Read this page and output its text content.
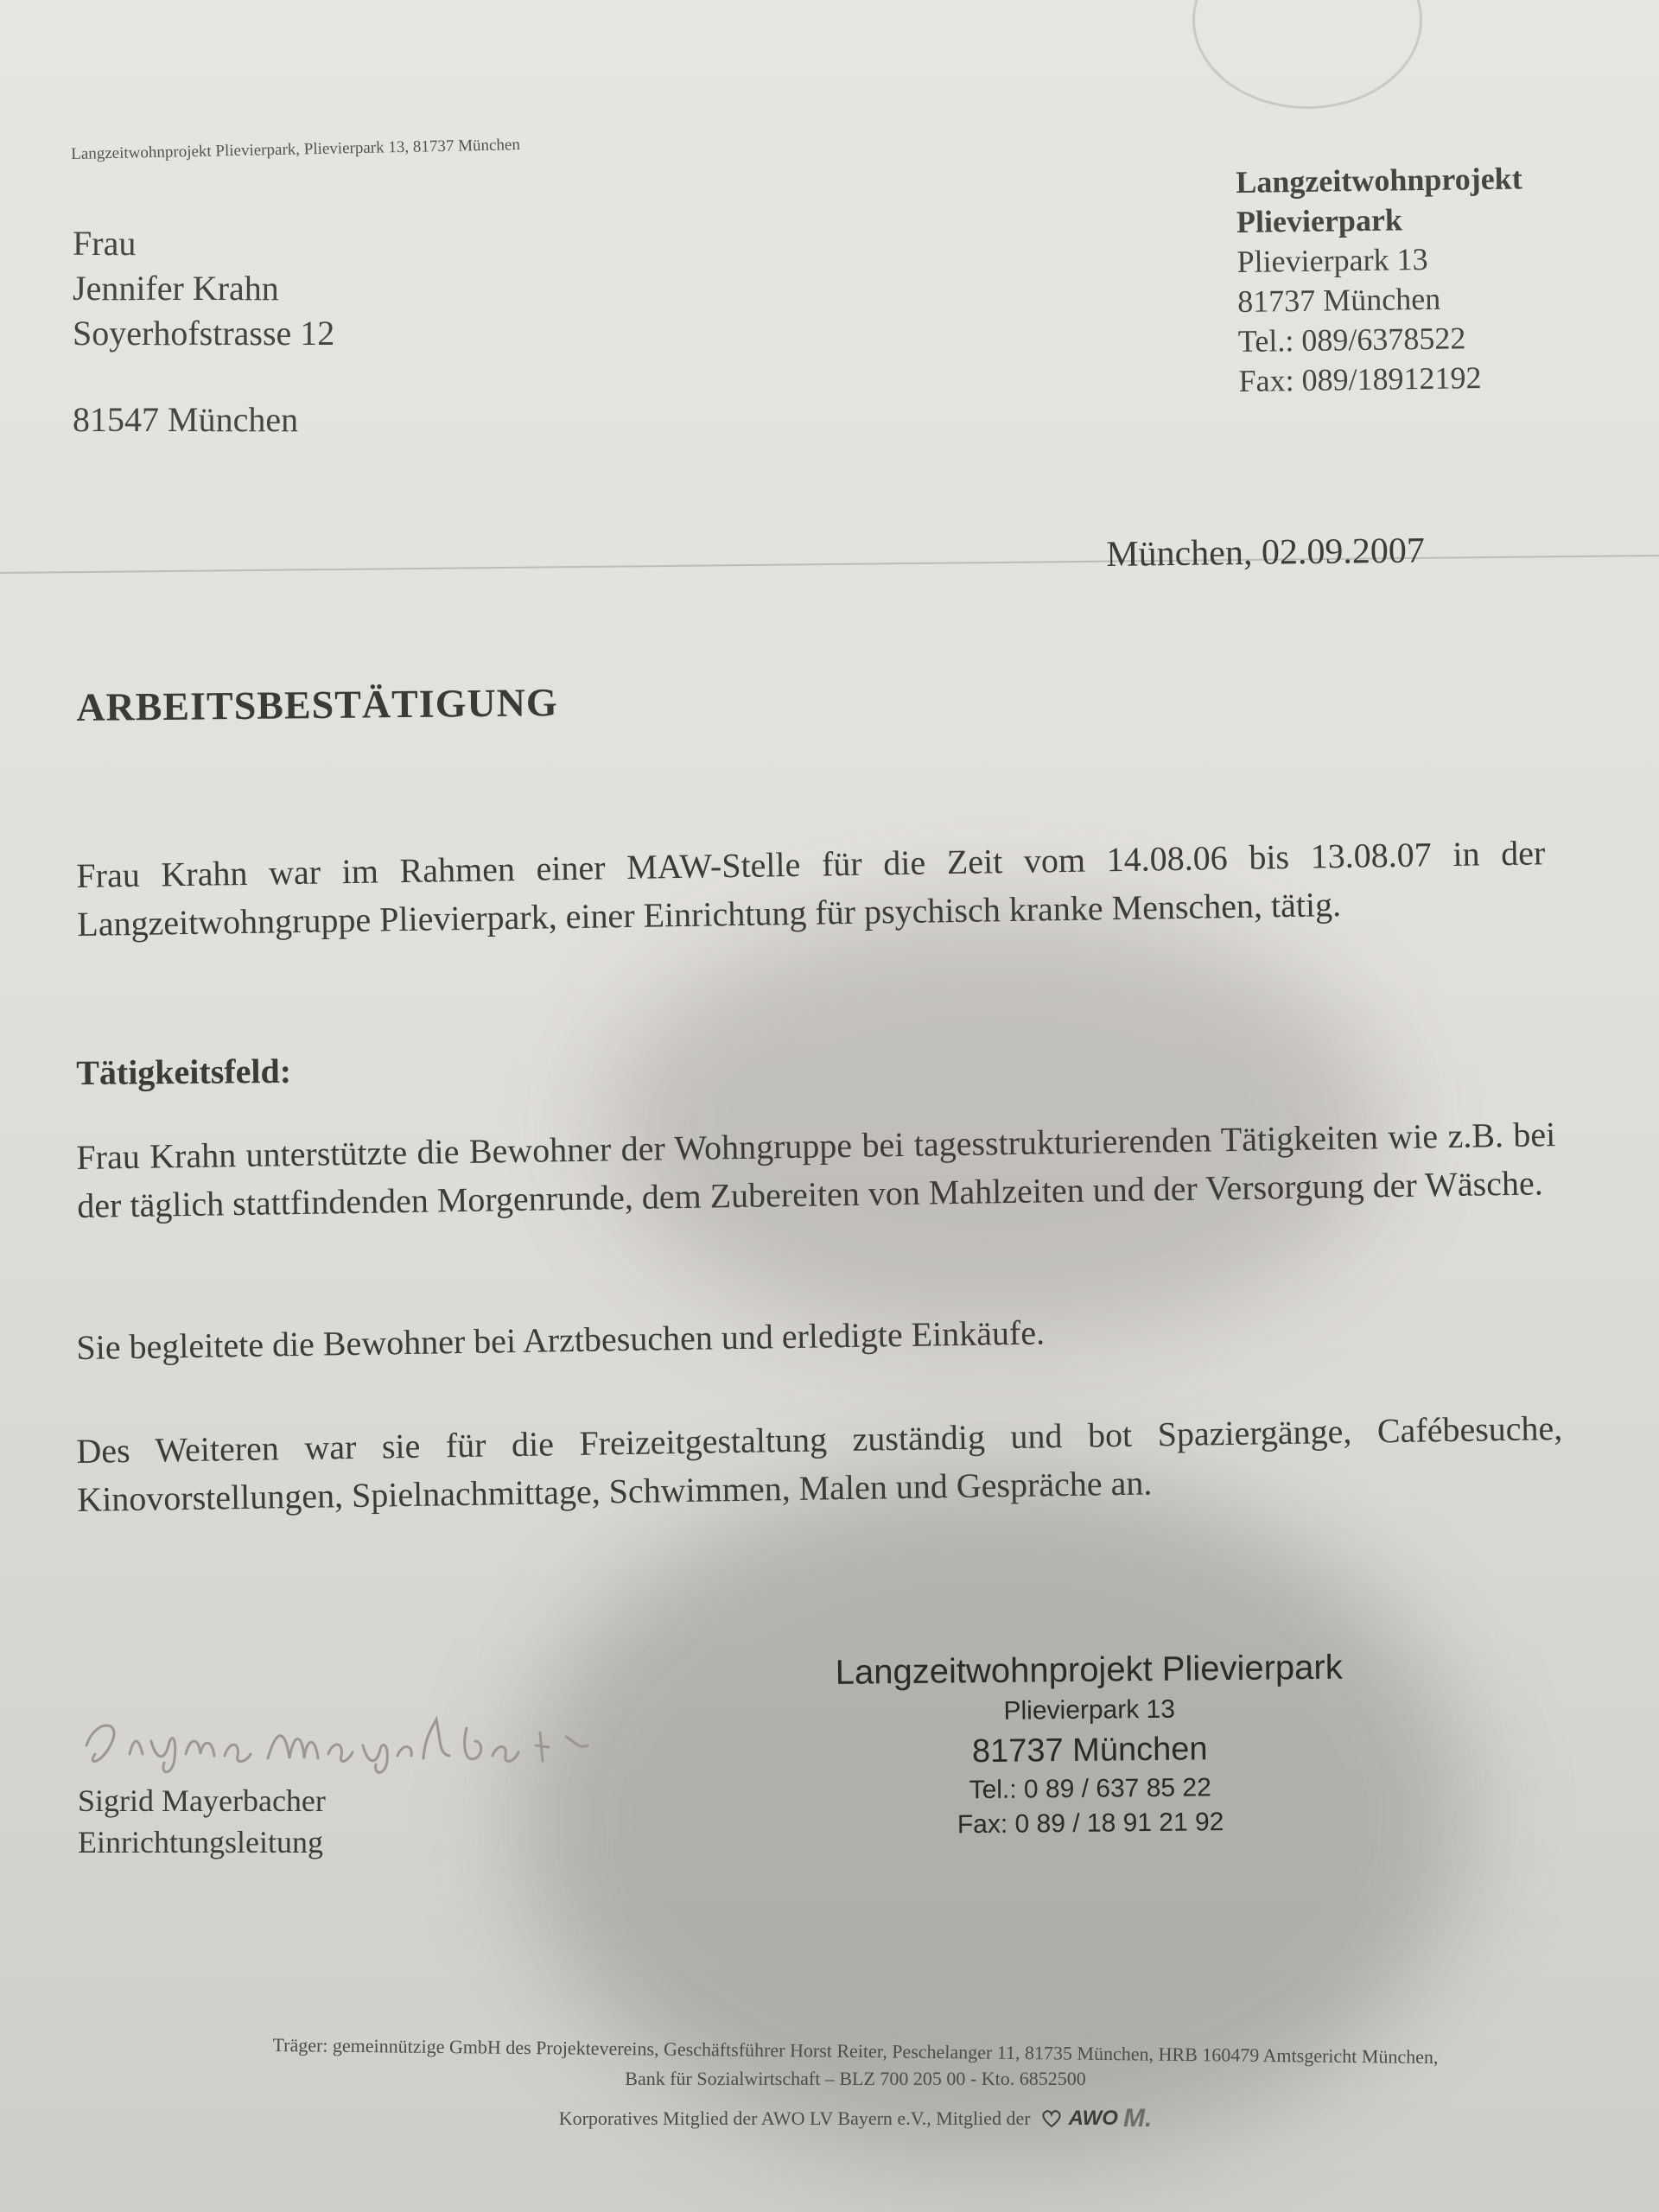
Langzeitwohnprojekt Plievierpark, Plievierpark 13, 81737 München
Frau
Jennifer Krahn
Soyerhofstrasse 12
81547 München
Langzeitwohnprojekt
Plievierpark
Plievierpark 13
81737 München
Tel.: 089/6378522
Fax: 089/18912192
München, 02.09.2007
ARBEITSBESTÄTIGUNG
Frau Krahn war im Rahmen einer MAW-Stelle für die Zeit vom 14.08.06 bis 13.08.07 in der Langzeitwohngruppe Plievierpark, einer Einrichtung für psychisch kranke Menschen, tätig.
Tätigkeitsfeld:
Frau Krahn unterstützte die Bewohner der Wohngruppe bei tagesstrukturierenden Tätigkeiten wie z.B. bei der täglich stattfindenden Morgenrunde, dem Zubereiten von Mahlzeiten und der Versorgung der Wäsche.
Sie begleitete die Bewohner bei Arztbesuchen und erledigte Einkäufe.
Des Weiteren war sie für die Freizeitgestaltung zuständig und bot Spaziergänge, Cafébesuche, Kinovorstellungen, Spielnachmittage, Schwimmen, Malen und Gespräche an.
Sigrid Mayerbacher
Einrichtungsleitung
Langzeitwohnprojekt Plievierpark
Plievierpark 13
81737 München
Tel.: 0 89 / 637 85 22
Fax: 0 89 / 18 91 21 92
Träger: gemeinnützige GmbH des Projektevereins, Geschäftsführer Horst Reiter, Peschelanger 11, 81735 München, HRB 160479 Amtsgericht München,
Bank für Sozialwirtschaft – BLZ 700 205 00 - Kto. 6852500
Korporatives Mitglied der AWO LV Bayern e.V., Mitglied der AWO M.
